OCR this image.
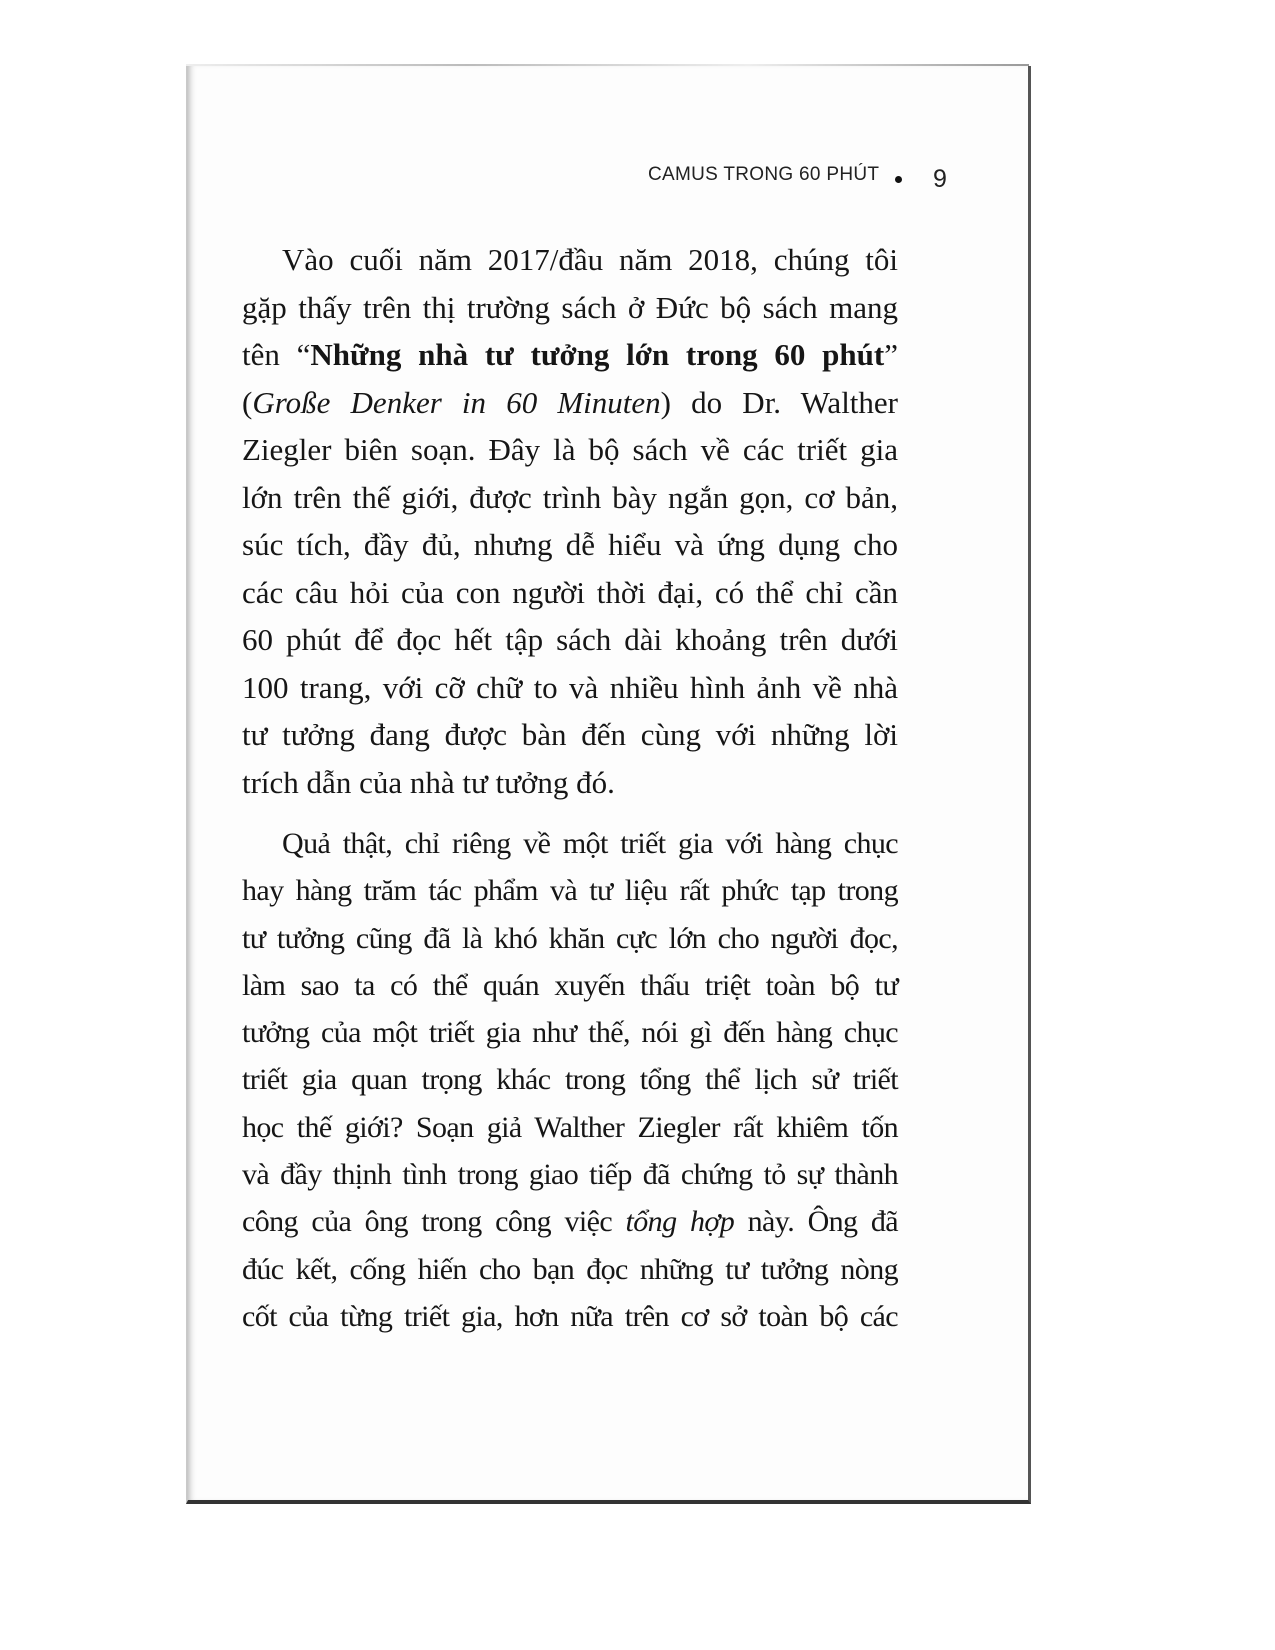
CAMUS TRONG 60 PHÚT 9
Vào cuối năm 2017/đầu năm 2018, chúng tôi
gặp thấy trên thị trường sách ở Đức bộ sách mang
tên “Những nhà tư tưởng lớn trong 60 phút”
(Große Denker in 60 Minuten) do Dr. Walther
Ziegler biên soạn. Đây là bộ sách về các triết gia
lớn trên thế giới, được trình bày ngắn gọn, cơ bản,
súc tích, đầy đủ, nhưng dễ hiểu và ứng dụng cho
các câu hỏi của con người thời đại, có thể chỉ cần
60 phút để đọc hết tập sách dài khoảng trên dưới
100 trang, với cỡ chữ to và nhiều hình ảnh về nhà
tư tưởng đang được bàn đến cùng với những lời
trích dẫn của nhà tư tưởng đó.
Quả thật, chỉ riêng về một triết gia với hàng chục
hay hàng trăm tác phẩm và tư liệu rất phức tạp trong
tư tưởng cũng đã là khó khăn cực lớn cho người đọc,
làm sao ta có thể quán xuyến thấu triệt toàn bộ tư
tưởng của một triết gia như thế, nói gì đến hàng chục
triết gia quan trọng khác trong tổng thể lịch sử triết
học thế giới? Soạn giả Walther Ziegler rất khiêm tốn
và đầy thịnh tình trong giao tiếp đã chứng tỏ sự thành
công của ông trong công việc tổng hợp này. Ông đã
đúc kết, cống hiến cho bạn đọc những tư tưởng nòng
cốt của từng triết gia, hơn nữa trên cơ sở toàn bộ các
